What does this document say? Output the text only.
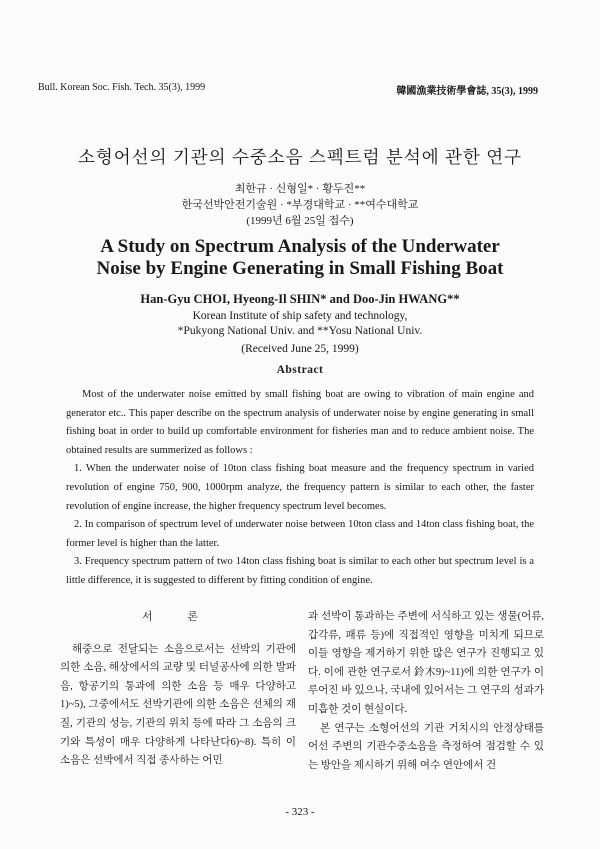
Bull. Korean Soc. Fish. Tech. 35(3), 1999	韓國漁業技術學會誌, 35(3), 1999
소형어선의 기관의 수중소음 스펙트럼 분석에 관한 연구
최한규 · 신형일* · 황두진**
한국선박안전기술원 · *부경대학교 · **여수대학교
(1999년 6월 25일 접수)
A Study on Spectrum Analysis of the Underwater
Noise by Engine Generating in Small Fishing Boat
Han-Gyu CHOI, Hyeong-Il SHIN* and Doo-Jin HWANG**
Korean Institute of ship safety and technology,
*Pukyong National Univ. and **Yosu National Univ.
(Received June 25, 1999)
Abstract

Most of the underwater noise emitted by small fishing boat are owing to vibration of main engine and generator etc.. This paper describe on the spectrum analysis of underwater noise by engine generating in small fishing boat in order to build up comfortable environment for fisheries man and to reduce ambient noise. The obtained results are summerized as follows :

1. When the underwater noise of 10ton class fishing boat measure and the frequency spectrum in varied revolution of engine 750, 900, 1000rpm analyze, the frequency pattern is similar to each other, the faster revolution of engine increase, the higher frequency spectrum level becomes.

2. In comparison of spectrum level of underwater noise between 10ton class and 14ton class fishing boat, the former level is higher than the latter.

3. Frequency spectrum pattern of two 14ton class fishing boat is similar to each other but spectrum level is a little difference, it is suggested to different by fitting condition of engine.

서 론

해중으로 전달되는 소음으로서는 선박의 기관에 의한 소음, 해상에서의 교량 및 터널공사에 의한 발파음, 항공기의 통과에 의한 소음 등 매우 다양하고1)~5), 그중에서도 선박기관에 의한 소음은 선체의 재질, 기관의 성능, 기관의 위치 등에 따라 그 소음의 크기와 특성이 매우 다양하게 나타난다6)~8). 특히 이 소음은 선박에서 직접 종사하는 어민

과 선박이 통과하는 주변에 서식하고 있는 생물(어류, 갑각류, 패류 등)에 직접적인 영향을 미치게 되므로 이들 영향을 제거하기 위한 많은 연구가 진행되고 있다. 이에 관한 연구로서 鈴木9)~11)에 의한 연구가 이루어진 바 있으나, 국내에 있어서는 그 연구의 성과가 미흡한 것이 현실이다.

본 연구는 소형어선의 기관 거치시의 안정상태를 어선 주변의 기관수중소음을 측정하여 점검할 수 있는 방안을 제시하기 위해 여수 연안에서 건

- 323 -
